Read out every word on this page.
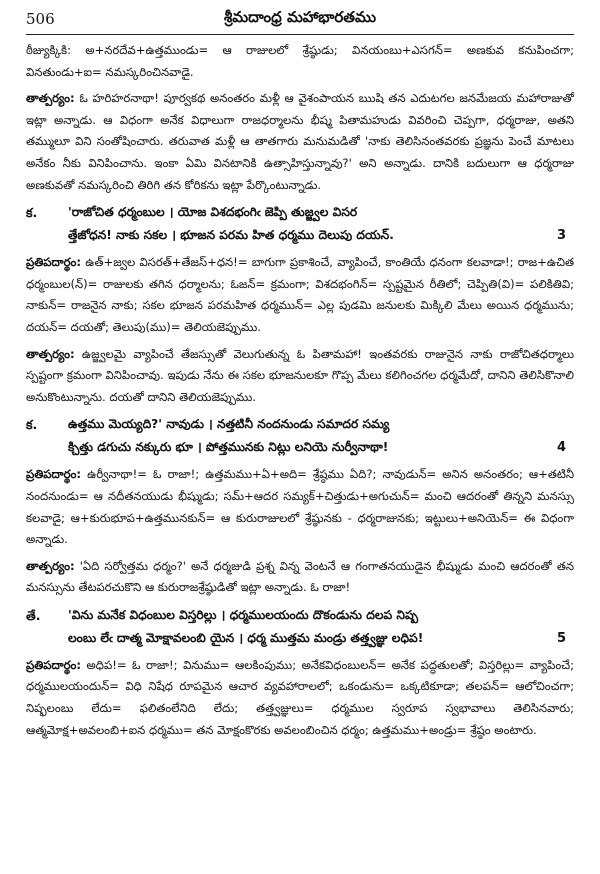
506	శ్రీమదాంధ్ర మహాభారతము

ఠీజ్యుక్కికి: అ+నరదేవ+ఉత్తముండు= ఆ రాజులలో శ్రేష్ఠుడు; వినయంబు+ఎసగన్= అణకువ కనుపించగా; వినతుండు+ఐ= నమస్కరించినవాడై.

తాత్పర్యం: ఓ హరిహరనాథా! పూర్వకథ అనంతరం మళ్లీ ఆ వైశంపాయన ఋషి తన ఎదుటగల జనమేజయ మహారాజుతో ఇట్లా అన్నాడు. ఆ విధంగా అనేక విధాలుగా రాజధర్మాలను భీష్మ పితామహుడు వివరించి చెప్పగా, ధర్మరాజు, అతని తమ్ములూ విని సంతోషించారు. తరువాత మళ్లీ ఆ తాతగారు మనుమడితో 'నాకు తెలిసినంతవరకు ప్రజ్ఞను పెంచే మాటలు అనేకం నీకు వినిపించాను. ఇంకా ఏమి వినటానికి ఉత్సాహిస్తున్నావు?' అని అన్నాడు. దానికి బదులుగా ఆ ధర్మరాజు అణకువతో నమస్కరించి తిరిగి తన కోరికను ఇట్లా పేర్కొంటున్నాడు.

క.	'రాజోచిత ధర్మంబుల । యోజ విశదభంగిఁ జెప్పి తుజ్జ్వల విసర
త్తేజోధన! నాకు సకల । భూజన పరమ హిత ధర్మము దెలుపు దయన్.	3

ప్రతిపదార్థం: ఉత్+జ్వల విసరత్+తేజస్+ధన!= బాగుగా ప్రకాశించే, వ్యాపించే, కాంతియే ధనంగా కలవాడా!; రాజ+ఉచిత ధర్మంబుల(న్)= రాజులకు తగిన ధర్మాలను; ఓజన్= క్రమంగా; విశదభంగిన్= స్పష్టమైన రీతిలో; చెప్పితి(వి)= పలికితివి; నాకున్= రాజనైన నాకు; సకల భూజన పరమహిత ధర్మమున్= ఎల్ల పుడమి జనులకు మిక్కిలి మేలు అయిన ధర్మమును; దయన్= దయతో; తెలుపు(ము)= తెలియజెప్పుము.

తాత్పర్యం: ఉజ్జ్వలమై వ్యాపించే తేజస్సుతో వెలుగుతున్న ఓ పితామహా! ఇంతవరకు రాజునైన నాకు రాజోచితధర్మాలు స్పష్టంగా క్రమంగా వినిపించావు. ఇపుడు నేను ఈ సకల భూజనులకూ గొప్ప మేలు కలిగించగల ధర్మమేదో, దానిని తెలిసికొనాలి అనుకొంటున్నాను. దయతో దానిని తెలియజెప్పుము.

క.	ఉత్తము మెయ్యది?' నావుడు । నత్తటినీ నందనుండు సమాదర సమ్య
క్చిత్తు డగుచు నక్కురు భూ । పోత్తమునకు నిట్లు లనియె నుర్వీనాథా!	4

ప్రతిపదార్థం: ఉర్వీనాథా!= ఓ రాజా!; ఉత్తమము+ఏ+అది= శ్రేష్ఠము ఏది?; నావుడున్= అనిన అనంతరం; ఆ+తటినీ నందనుండు= ఆ నదీతనయుడు భీష్ముడు; సమ్+ఆదర సమ్యక్+చిత్తుడు+అగుచున్= మంచి ఆదరంతో తిన్నని మనస్సు కలవాడై; ఆ+కురుభూప+ఉత్తమునకున్= ఆ కురురాజులలో శ్రేష్ఠునకు - ధర్మరాజునకు; ఇట్టులు+అనియెన్= ఈ విధంగా అన్నాడు.

తాత్పర్యం: 'ఏది సర్వోత్తమ ధర్మం?' అనే ధర్మజుడి ప్రశ్న విన్న వెంటనే ఆ గంగాతనయుడైన భీష్ముడు మంచి ఆదరంతో తన మనస్సును తేటపరచుకొని ఆ కురురాజశ్రేష్ఠుడితో ఇట్లా అన్నాడు. ఓ రాజా!

తే. 'విను మనేక విధంబుల విస్తరిల్లు । ధర్మములయందు దొకండును దలప నిష్ప
లంబు లేఁ దాత్మ మోక్షావలంబి యైన । ధర్మ ముత్తమ మండ్రు తత్త్వజ్ఞు లధిప!	5

ప్రతిపదార్థం: అధిప!= ఓ రాజా!; వినుము= ఆలకింపుము; అనేకవిధంబులన్= అనేక పద్ధతులతో; విస్తరిల్లు= వ్యాపించే; ధర్మములయందున్= విధి నిషేధ రూపమైన ఆచార వ్యవహారాలలో; ఒకండును= ఒక్కటికూడా; తలపన్= ఆలోచించగా; నిష్ఫలంబు లేదు= ఫలితంలేనిది లేదు; తత్త్వజ్ఞులు= ధర్మముల స్వరూప స్వభావాలు తెలిసినవారు; ఆత్మమోక్ష+అవలంబి+ఐన ధర్మము= తన మోక్షంకొరకు అవలంబించిన ధర్మం; ఉత్తమము+అండ్రు= శ్రేష్ఠం అంటారు.
